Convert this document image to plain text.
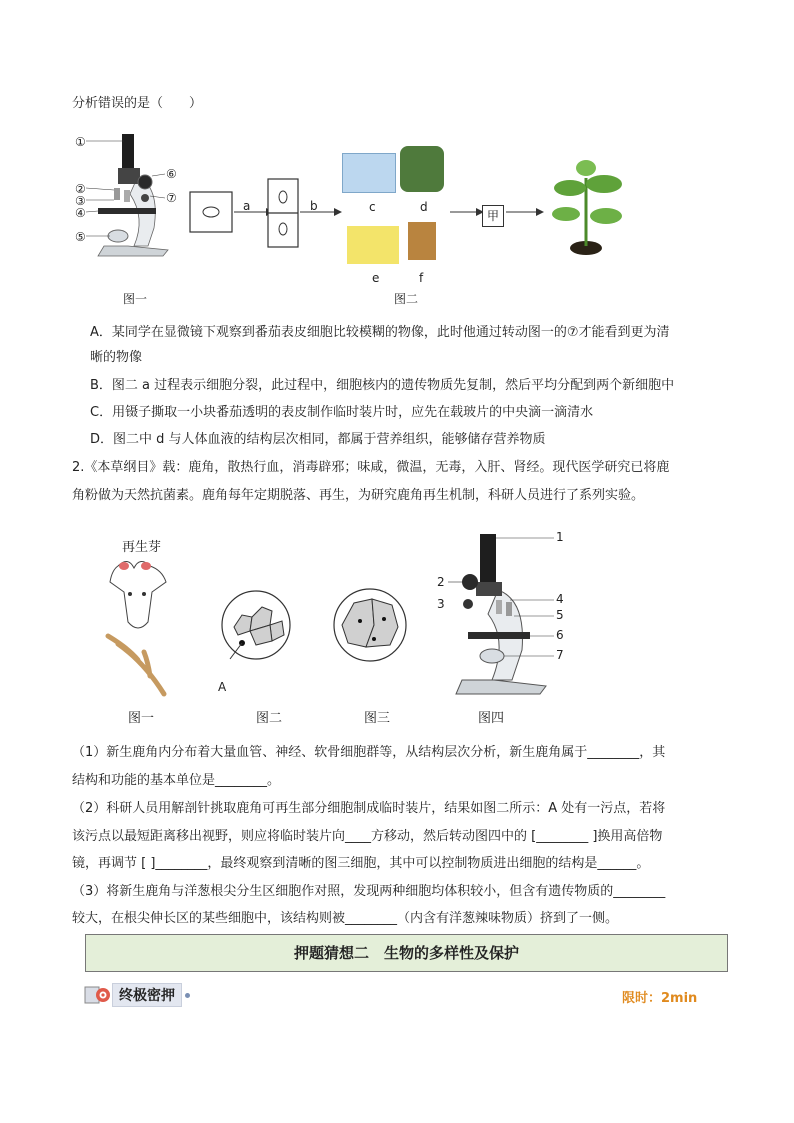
分析错误的是（　　）
①
②
③
④
⑤
⑥
⑦
图一
a	b	c	d
e	f
甲
图二
A．某同学在显微镜下观察到番茄表皮细胞比较模糊的物像，此时他通过转动图一的⑦才能看到更为清
晰的物像
B．图二 a 过程表示细胞分裂，此过程中，细胞核内的遗传物质先复制，然后平均分配到两个新细胞中
C．用镊子撕取一小块番茄透明的表皮制作临时装片时，应先在载玻片的中央滴一滴清水
D．图二中 d 与人体血液的结构层次相同，都属于营养组织，能够储存营养物质
2.《本草纲目》载：鹿角，散热行血，消毒辟邪；味咸，微温，无毒，入肝、肾经。现代医学研究已将鹿
角粉做为天然抗菌素。鹿角每年定期脱落、再生，为研究鹿角再生机制，科研人员进行了系列实验。
再生芽
A
1
2
3	4
5
6
7
图一	图二	图三	图四
（1）新生鹿角内分布着大量血管、神经、软骨细胞群等，从结构层次分析，新生鹿角属于________，其
结构和功能的基本单位是________。
（2）科研人员用解剖针挑取鹿角可再生部分细胞制成临时装片，结果如图二所示：A 处有一污点，若将
该污点以最短距离移出视野，则应将临时装片向____方移动，然后转动图四中的 [________ ]换用高倍物
镜，再调节 [ ]________，最终观察到清晰的图三细胞，其中可以控制物质进出细胞的结构是______。
（3）将新生鹿角与洋葱根尖分生区细胞作对照，发现两种细胞均体积较小，但含有遗传物质的________
较大，在根尖伸长区的某些细胞中，该结构则被________（内含有洋葱辣味物质）挤到了一侧。
押题猜想二　生物的多样性及保护
终极密押	限时：2min
